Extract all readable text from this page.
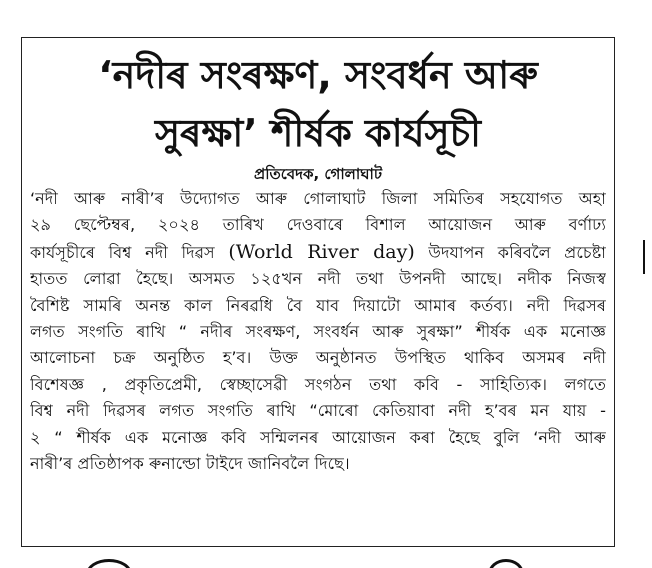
‘নদীৰ সংৰক্ষণ, সংবৰ্ধন আৰু
সুৰক্ষা’ শীৰ্ষক কাৰ্যসূচী
প্ৰতিবেদক, গোলাঘাট
‘নদী আৰু নাৰী’ৰ উদ্যোগত আৰু গোলাঘাট জিলা সমিতিৰ সহযোগত অহা
২৯ ছেপ্টেম্বৰ, ২০২৪ তাৰিখ দেওবাৰে বিশাল আয়োজন আৰু বৰ্ণাঢ্য
কাৰ্যসূচীৰে বিশ্ব নদী দিৱস (World River day) উদযাপন কৰিবলৈ প্ৰচেষ্টা
হাতত লোৱা হৈছে। অসমত ১২৫খন নদী তথা উপনদী আছে। নদীক নিজস্ব
বৈশিষ্ট সামৰি অনন্ত কাল নিৰৱধি বৈ যাব দিয়াটো আমাৰ কৰ্তব্য। নদী দিৱসৰ
লগত সংগতি ৰাখি “ নদীৰ সংৰক্ষণ, সংবৰ্ধন আৰু সুৰক্ষা” শীৰ্ষক এক মনোজ্ঞ
আলোচনা চক্ৰ অনুষ্ঠিত হ’ব। উক্ত অনুষ্ঠানত উপস্থিত থাকিব অসমৰ নদী
বিশেষজ্ঞ , প্ৰকৃতিপ্ৰেমী, স্বেচ্ছাসেৱী সংগঠন তথা কবি - সাহিত্যিক। লগতে
বিশ্ব নদী দিৱসৰ লগত সংগতি ৰাখি “মোৰো কেতিয়াবা নদী হ’বৰ মন যায় -
২ “ শীৰ্ষক এক মনোজ্ঞ কবি সন্মিলনৰ আয়োজন কৰা হৈছে বুলি ‘নদী আৰু
নাৰী’ৰ প্ৰতিষ্ঠাপক ৰুনাল্ডো টাইদে জানিবলৈ দিছে।
